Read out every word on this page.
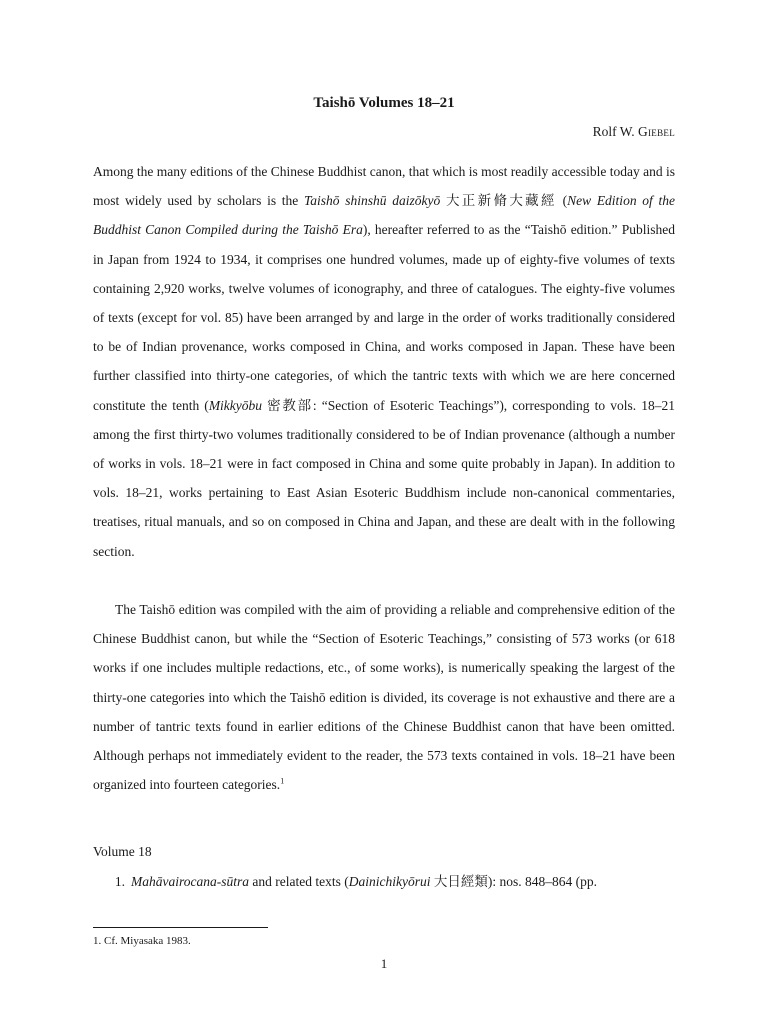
Taishō Volumes 18–21
Rolf W. Giebel

Among the many editions of the Chinese Buddhist canon, that which is most readily accessible today and is most widely used by scholars is the Taishō shinshū daizōkyō 大正新脩大藏經 (New Edition of the Buddhist Canon Compiled during the Taishō Era), hereafter referred to as the “Taishō edition.” Published in Japan from 1924 to 1934, it comprises one hundred volumes, made up of eighty-five volumes of texts containing 2,920 works, twelve volumes of iconography, and three of catalogues. The eighty-five volumes of texts (except for vol. 85) have been arranged by and large in the order of works traditionally considered to be of Indian provenance, works composed in China, and works composed in Japan. These have been further classified into thirty-one categories, of which the tantric texts with which we are here concerned constitute the tenth (Mikkyōbu 密教部: “Section of Esoteric Teachings”), corresponding to vols. 18–21 among the first thirty-two volumes traditionally considered to be of Indian provenance (although a number of works in vols. 18–21 were in fact composed in China and some quite probably in Japan). In addition to vols. 18–21, works pertaining to East Asian Esoteric Buddhism include non-canonical commentaries, treatises, ritual manuals, and so on composed in China and Japan, and these are dealt with in the following section.

The Taishō edition was compiled with the aim of providing a reliable and comprehensive edition of the Chinese Buddhist canon, but while the “Section of Esoteric Teachings,” consisting of 573 works (or 618 works if one includes multiple redactions, etc., of some works), is numerically speaking the largest of the thirty-one categories into which the Taishō edition is divided, its coverage is not exhaustive and there are a number of tantric texts found in earlier editions of the Chinese Buddhist canon that have been omitted. Although perhaps not immediately evident to the reader, the 573 texts contained in vols. 18–21 have been organized into fourteen categories.$^1$

Volume 18
1. Mahāvairocana-sūtra and related texts (Dainichikyōrui 大日經類): nos. 848–864 (pp.
1. Cf. Miyasaka 1983.
1
